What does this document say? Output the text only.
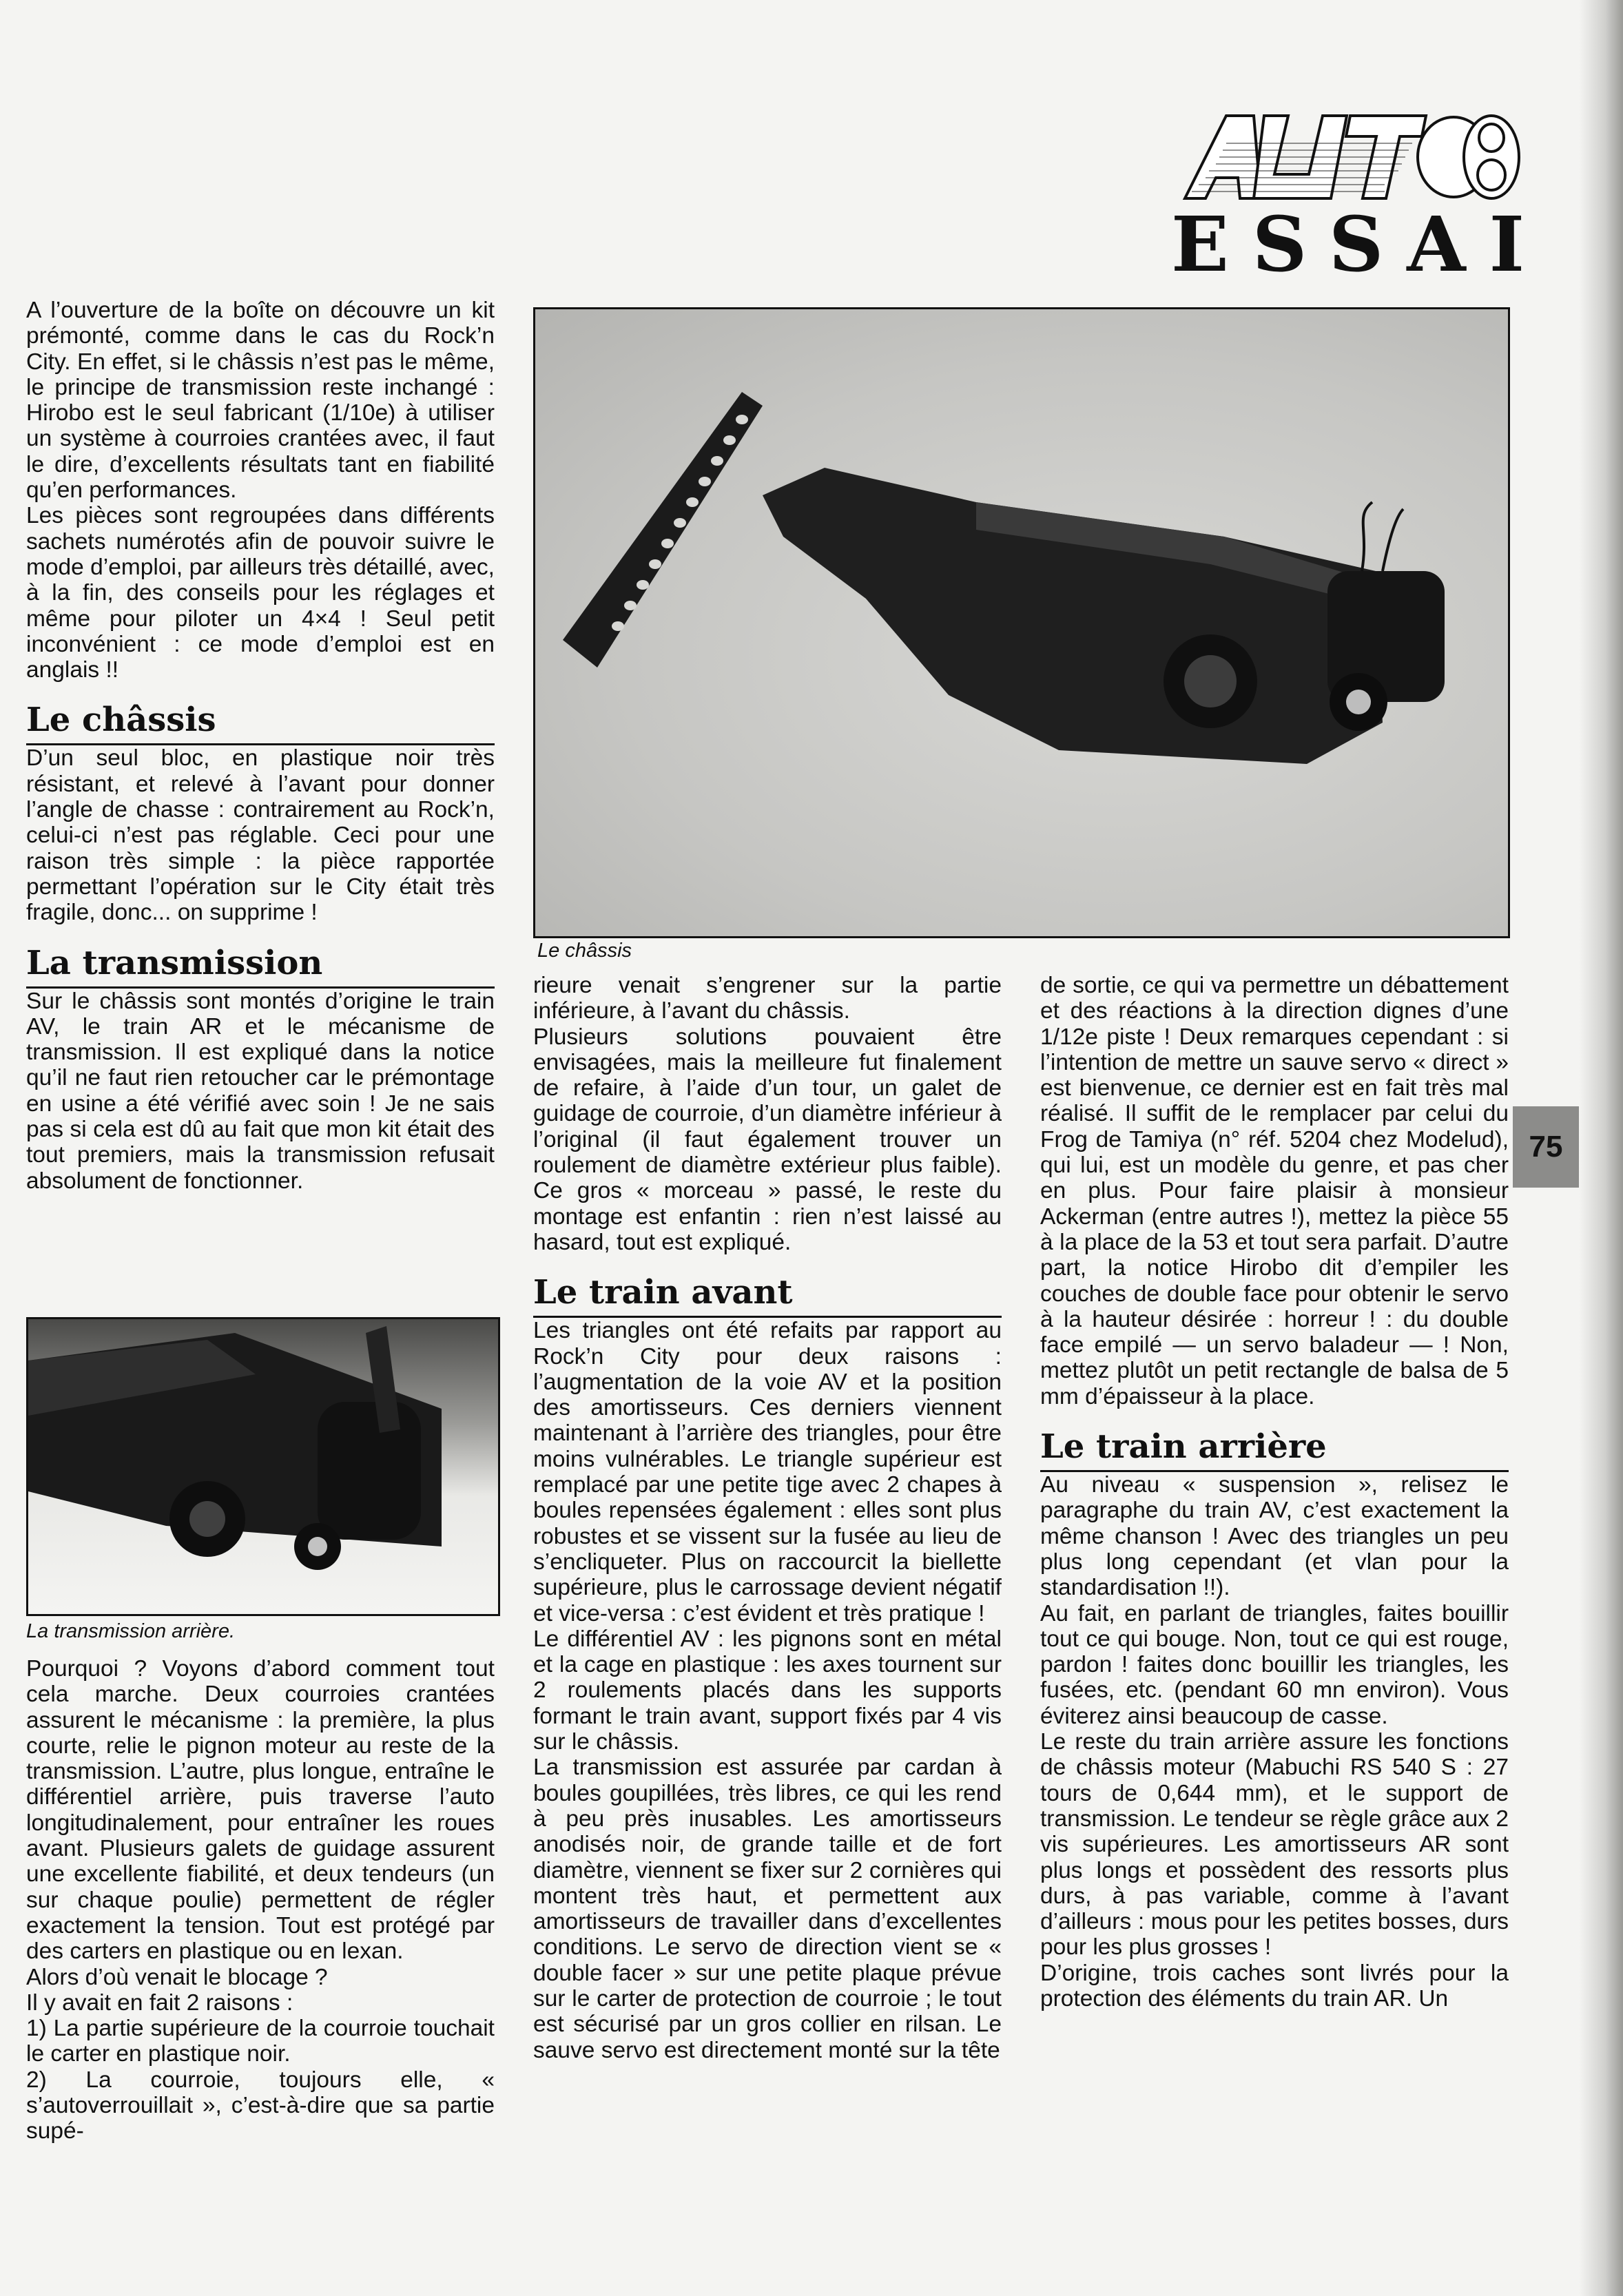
ESSAI
75
Le châssis

A l’ouverture de la boîte on découvre un kit prémonté, comme dans le cas du Rock’n City. En effet, si le châssis n’est pas le même, le principe de transmission reste inchangé : Hirobo est le seul fabricant (1/10e) à utiliser un système à courroies crantées avec, il faut le dire, d’excellents résultats tant en fiabilité qu’en performances.

Les pièces sont regroupées dans différents sachets numérotés afin de pouvoir suivre le mode d’emploi, par ailleurs très détaillé, avec, à la fin, des conseils pour les réglages et même pour piloter un 4×4 ! Seul petit inconvénient : ce mode d’emploi est en anglais !!

Le châssis

D’un seul bloc, en plastique noir très résistant, et relevé à l’avant pour donner l’angle de chasse : contrairement au Rock’n, celui-ci n’est pas réglable. Ceci pour une raison très simple : la pièce rapportée permettant l’opération sur le City était très fragile, donc... on supprime !

La transmission

Sur le châssis sont montés d’origine le train AV, le train AR et le mécanisme de transmission. Il est expliqué dans la notice qu’il ne faut rien retoucher car le prémontage en usine a été vérifié avec soin ! Je ne sais pas si cela est dû au fait que mon kit était des tout premiers, mais la transmission refusait absolument de fonctionner.

La transmission arrière.

Pourquoi ? Voyons d’abord comment tout cela marche. Deux courroies crantées assurent le mécanisme : la première, la plus courte, relie le pignon moteur au reste de la transmission. L’autre, plus longue, entraîne le différentiel arrière, puis traverse l’auto longitudinalement, pour entraîner les roues avant. Plusieurs galets de guidage assurent une excellente fiabilité, et deux tendeurs (un sur chaque poulie) permettent de régler exactement la tension. Tout est protégé par des carters en plastique ou en lexan.

Alors d’où venait le blocage ?

Il y avait en fait 2 raisons :

1) La partie supérieure de la courroie touchait le carter en plastique noir.

2) La courroie, toujours elle, « s’autoverrouillait », c’est-à-dire que sa partie supé-

rieure venait s’engrener sur la partie inférieure, à l’avant du châssis.

Plusieurs solutions pouvaient être envisagées, mais la meilleure fut finalement de refaire, à l’aide d’un tour, un galet de guidage de courroie, d’un diamètre inférieur à l’original (il faut également trouver un roulement de diamètre extérieur plus faible). Ce gros « morceau » passé, le reste du montage est enfantin : rien n’est laissé au hasard, tout est expliqué.

Le train avant

Les triangles ont été refaits par rapport au Rock’n City pour deux raisons : l’augmentation de la voie AV et la position des amortisseurs. Ces derniers viennent maintenant à l’arrière des triangles, pour être moins vulnérables. Le triangle supérieur est remplacé par une petite tige avec 2 chapes à boules repensées également : elles sont plus robustes et se vissent sur la fusée au lieu de s’encliqueter. Plus on raccourcit la biellette supérieure, plus le carrossage devient négatif et vice-versa : c’est évident et très pratique !

Le différentiel AV : les pignons sont en métal et la cage en plastique : les axes tournent sur 2 roulements placés dans les supports formant le train avant, support fixés par 4 vis sur le châssis.

La transmission est assurée par cardan à boules goupillées, très libres, ce qui les rend à peu près inusables. Les amortisseurs anodisés noir, de grande taille et de fort diamètre, viennent se fixer sur 2 cornières qui montent très haut, et permettent aux amortisseurs de travailler dans d’excellentes conditions. Le servo de direction vient se « double facer » sur une petite plaque prévue sur le carter de protection de courroie ; le tout est sécurisé par un gros collier en rilsan. Le sauve servo est directement monté sur la tête

de sortie, ce qui va permettre un débattement et des réactions à la direction dignes d’une 1/12e piste ! Deux remarques cependant : si l’intention de mettre un sauve servo « direct » est bienvenue, ce dernier est en fait très mal réalisé. Il suffit de le remplacer par celui du Frog de Tamiya (n° réf. 5204 chez Modelud), qui lui, est un modèle du genre, et pas cher en plus. Pour faire plaisir à monsieur Ackerman (entre autres !), mettez la pièce 55 à la place de la 53 et tout sera parfait. D’autre part, la notice Hirobo dit d’empiler les couches de double face pour obtenir le servo à la hauteur désirée : horreur ! : du double face empilé — un servo baladeur — ! Non, mettez plutôt un petit rectangle de balsa de 5 mm d’épaisseur à la place.

Le train arrière

Au niveau « suspension », relisez le paragraphe du train AV, c’est exactement la même chanson ! Avec des triangles un peu plus long cependant (et vlan pour la standardisation !!).

Au fait, en parlant de triangles, faites bouillir tout ce qui bouge. Non, tout ce qui est rouge, pardon ! faites donc bouillir les triangles, les fusées, etc. (pendant 60 mn environ). Vous éviterez ainsi beaucoup de casse.

Le reste du train arrière assure les fonctions de châssis moteur (Mabuchi RS 540 S : 27 tours de 0,644 mm), et le support de transmission. Le tendeur se règle grâce aux 2 vis supérieures. Les amortisseurs AR sont plus longs et possèdent des ressorts plus durs, à pas variable, comme à l’avant d’ailleurs : mous pour les petites bosses, durs pour les plus grosses !

D’origine, trois caches sont livrés pour la protection des éléments du train AR. Un
